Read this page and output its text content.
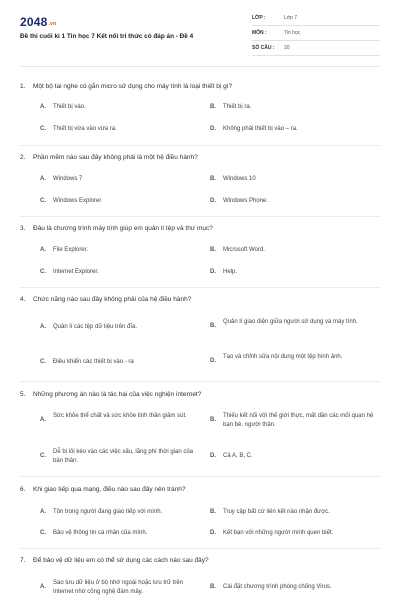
2048.vn
Đề thi cuối kì 1 Tin học 7 Kết nối tri thức có đáp án - Đề 4
LỚP :	Lớp 7
MÔN :	Tin học
SỐ CÂU : 20
1. Một bộ tai nghe có gắn micro sử dụng cho máy tính là loại thiết bị gì?
A. Thiết bị vào.	B. Thiết bị ra.
C. Thiết bị vừa vào vừa ra.	D. Không phải thiết bị vào – ra.
2. Phần mềm nào sau đây không phải là một hệ điều hành?
A. Windows 7	B. Windows 10
C. Windows Explorer	D. Windows Phone.
3. Đâu là chương trình máy tính giúp em quản lí tệp và thư mục?
A. File Explorer.	B. Microsoft Word.
C. Internet Explorer.	D. Help.
4. Chức năng nào sau đây không phải của hệ điều hành?
A. Quản lí các tệp dữ liệu trên đĩa.	B.
Quản lí giao diện giữa người sử dụng và máy tính.
C. Điều khiển các thiết bị vào - ra	D.
Tạo và chỉnh sửa nội dung một tệp hình ảnh.
5. Những phương án nào là tác hại của việc nghiện internet?
A.
Sức khỏe thể chất và sức khỏe tinh thần giảm sút.
B.
Thiếu kết nối với thế giới thực, mất dần các mối quan hệ bạn bè, người thân.
C.
Dễ bị lôi kéo vào các việc xấu, lãng phí thời gian của bản thân.
D. Cả A, B, C.
6. Khi giao tiếp qua mạng, điều nào sau đây nên tránh?
A. Tôn trọng người đang giao tiếp với mình.	B. Truy cập bất cứ liên kết nào nhận được.
C. Bảo vệ thông tin cá nhân của mình.	D. Kết bạn với những người mình quen biết.
7. Để bảo vệ dữ liệu em có thể sử dụng các cách nào sau đây?
A.
Sao lưu dữ liệu ở bộ nhớ ngoài hoặc lưu trữ trên Internet nhờ công nghệ đám mây.
B. Cài đặt chương trình phòng chống Virus.
